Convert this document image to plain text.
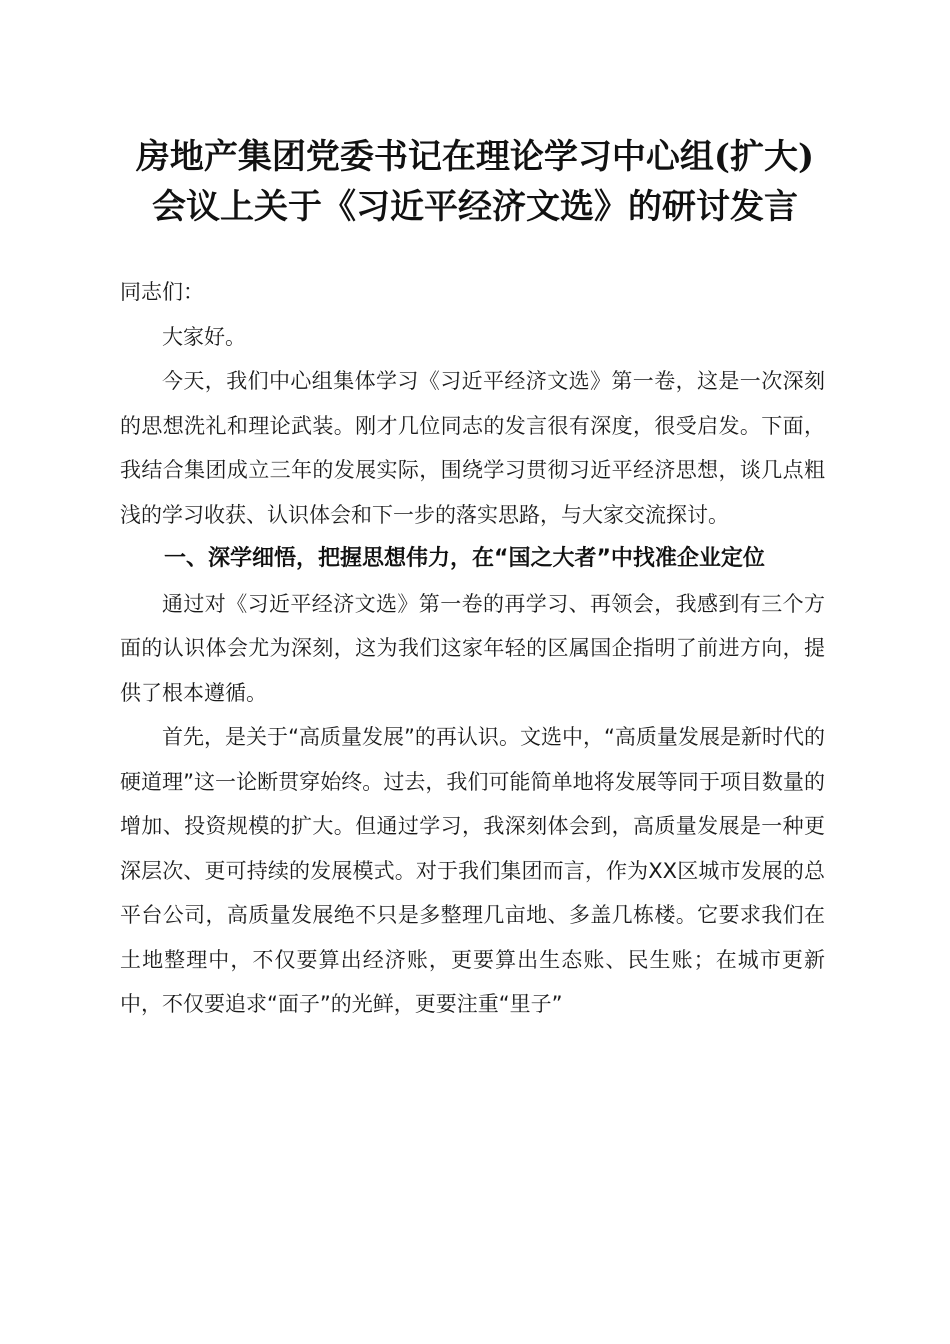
房地产集团党委书记在理论学习中心组(扩大)
会议上关于《习近平经济文选》的研讨发言

同志们：

大家好。

今天，我们中心组集体学习《习近平经济文选》第一卷，这是一次深刻的思想洗礼和理论武装。刚才几位同志的发言很有深度，很受启发。下面，我结合集团成立三年的发展实际，围绕学习贯彻习近平经济思想，谈几点粗浅的学习收获、认识体会和下一步的落实思路，与大家交流探讨。

一、深学细悟，把握思想伟力，在“国之大者”中找准企业定位

通过对《习近平经济文选》第一卷的再学习、再领会，我感到有三个方面的认识体会尤为深刻，这为我们这家年轻的区属国企指明了前进方向，提供了根本遵循。

首先，是关于“高质量发展”的再认识。文选中，“高质量发展是新时代的硬道理”这一论断贯穿始终。过去，我们可能简单地将发展等同于项目数量的增加、投资规模的扩大。但通过学习，我深刻体会到，高质量发展是一种更深层次、更可持续的发展模式。对于我们集团而言，作为XX区城市发展的总平台公司，高质量发展绝不只是多整理几亩地、多盖几栋楼。它要求我们在土地整理中，不仅要算出经济账，更要算出生态账、民生账；在城市更新中，不仅要追求“面子”的光鲜，更要注重“里子”
